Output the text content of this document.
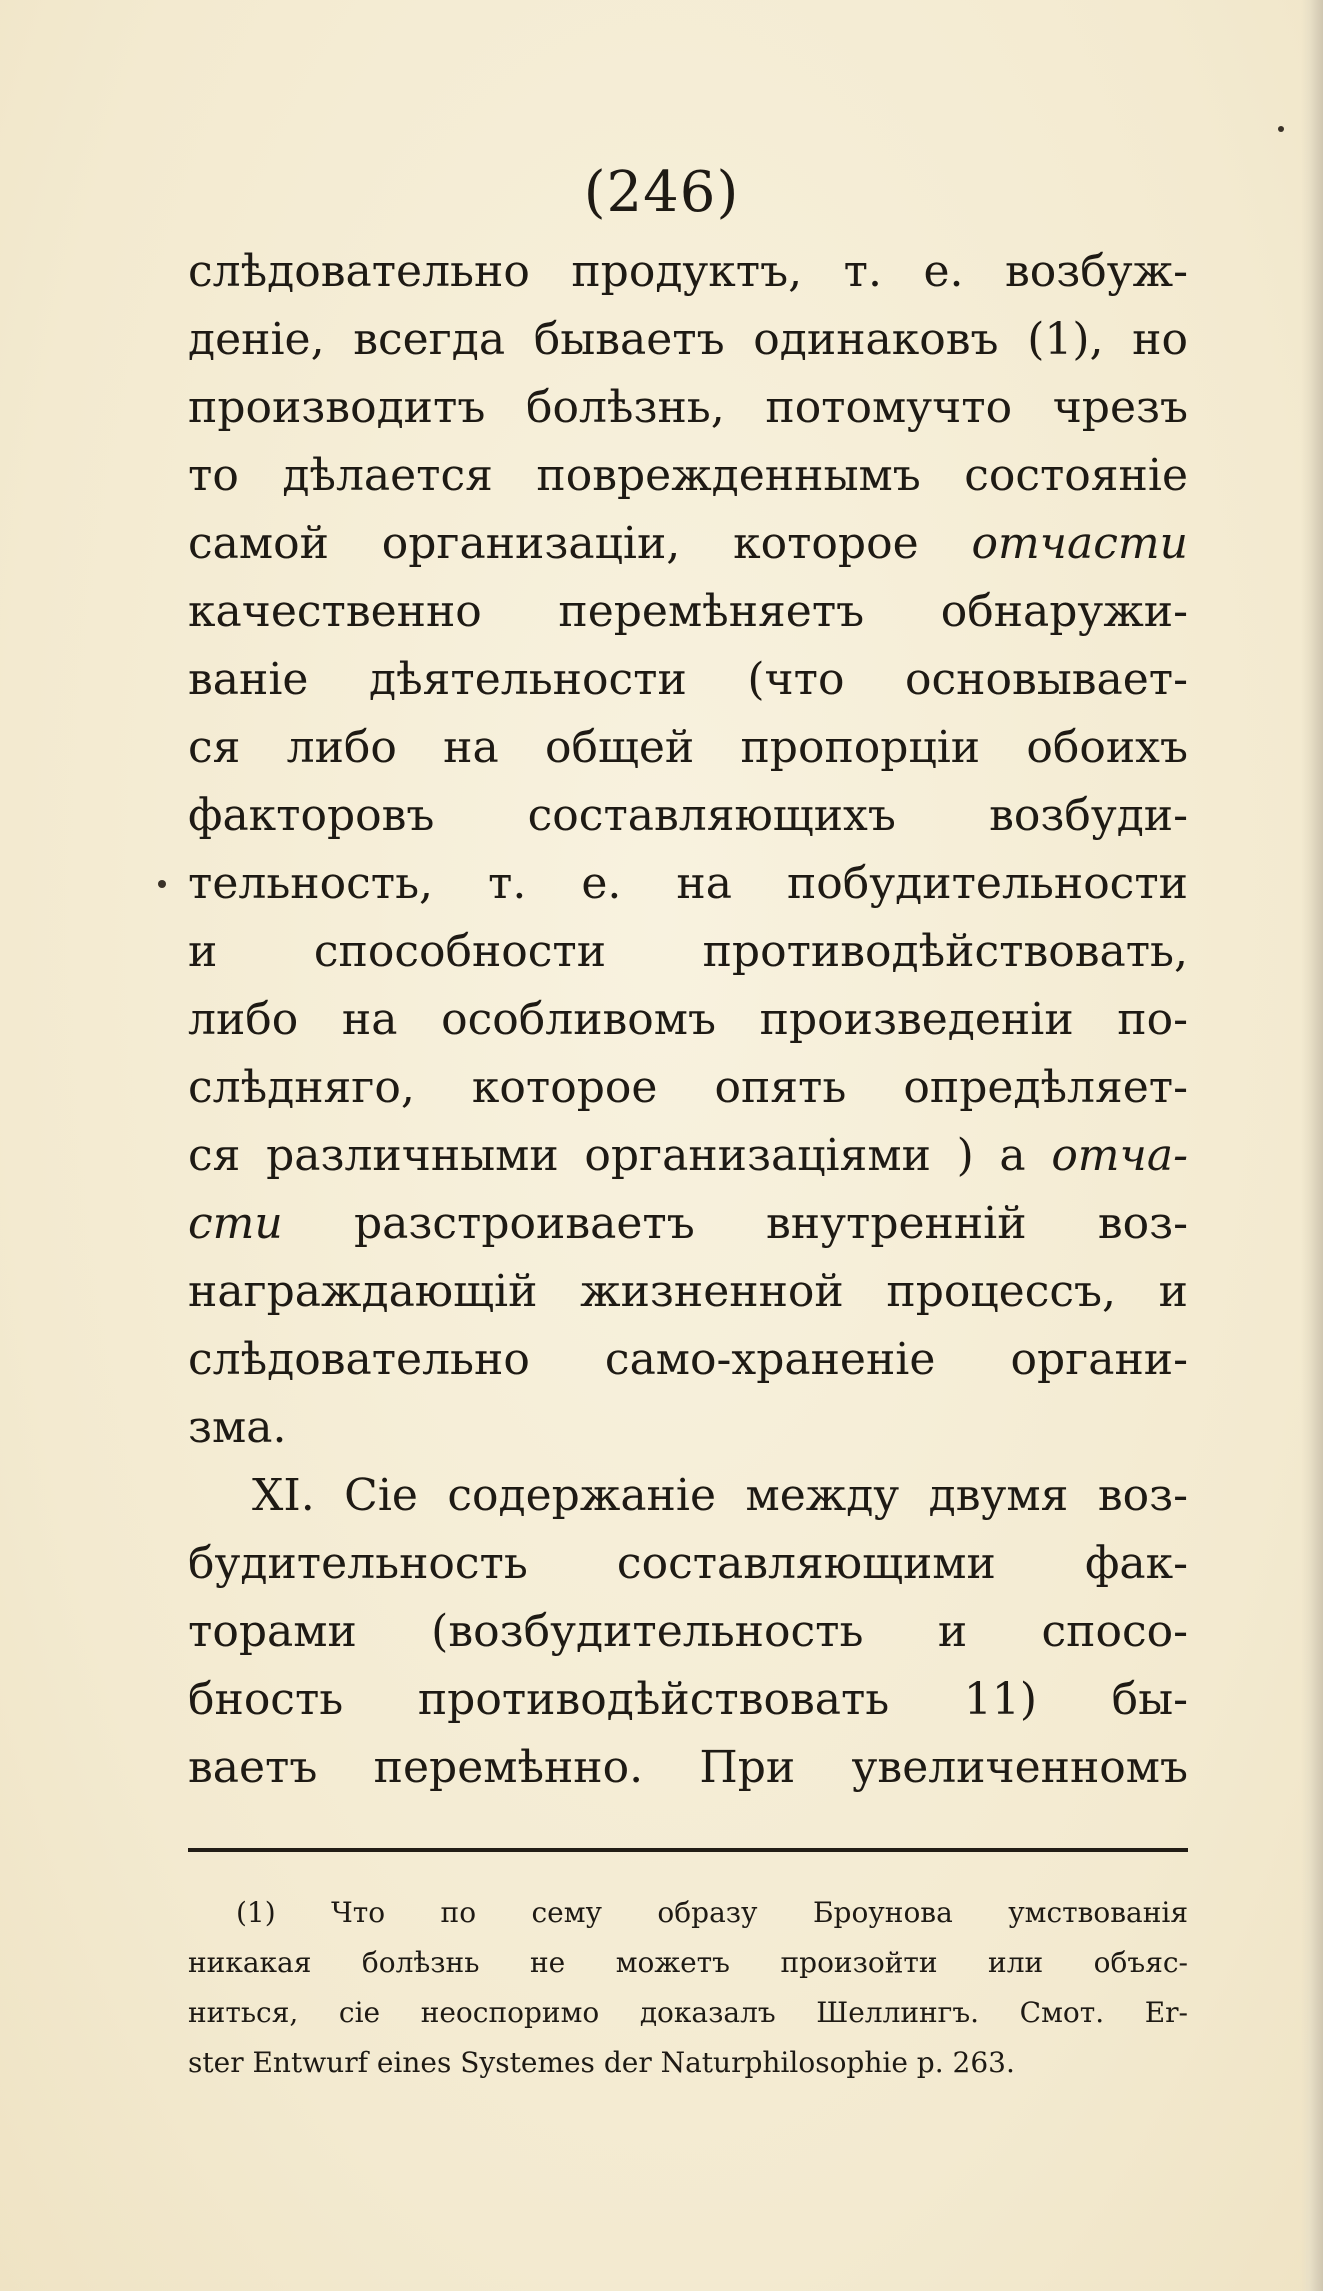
(246)
слѣдовательно продуктъ, т. е. возбуж-
денiе, всегда бываетъ одинаковъ (1), но
производитъ болѣзнь, потомучто чрезъ
то дѣлается поврежденнымъ состоянiе
самой организацiи, которое отчасти
качественно перемѣняетъ обнаружи-
ванiе дѣятельности (что основывает-
ся либо на общей пропорцiи обоихъ
факторовъ составляющихъ возбуди-
тельность, т. е. на побудительности
и способности противодѣйствовать,
либо на особливомъ произведенiи по-
слѣдняго, которое опять опредѣляет-
ся различными организацiями ) а отча-
сти разстроиваетъ внутреннiй воз-
награждающiй жизненной процессъ, и
слѣдовательно само-храненiе органи-
зма.
XI. Сiе содержанiе между двумя воз-
будительность составляющими фак-
торами (возбудительность и спосо-
бность противодѣйствовать 11) бы-
ваетъ перемѣнно. При увеличенномъ
(1) Что по сему образу Броунова умствованiя
никакая болѣзнь не можетъ произойти или объяс-
ниться, сiе неоспоримо доказалъ Шеллингъ. Смот. Er-
ster Entwurf eines Systemes der Naturphilosophie p. 263.
